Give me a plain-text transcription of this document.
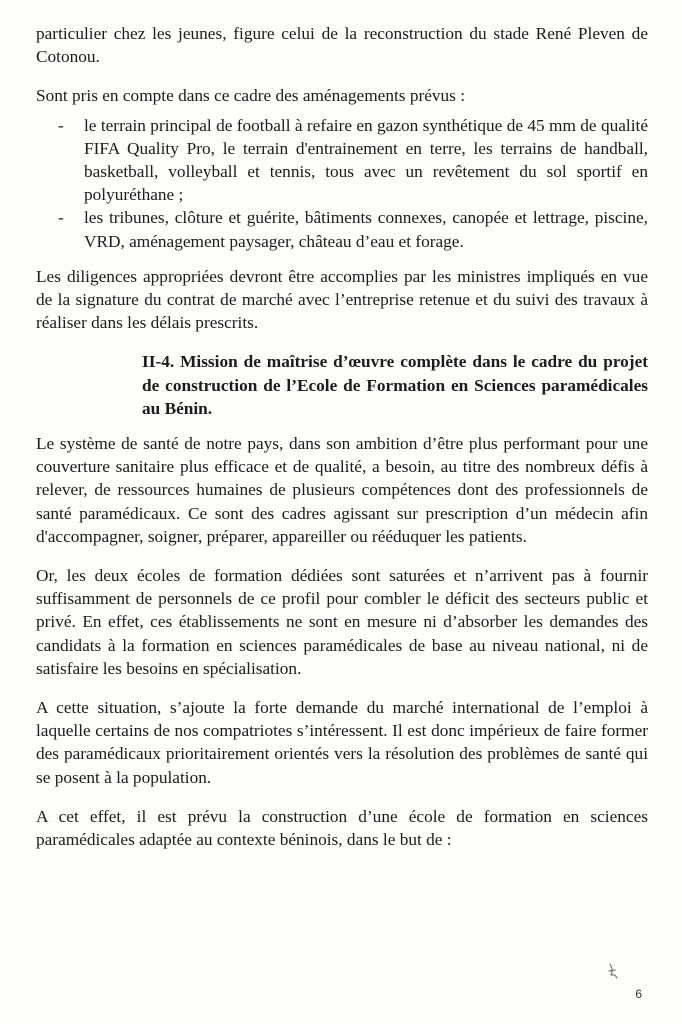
particulier chez les jeunes, figure celui de la reconstruction du stade René Pleven de Cotonou.

Sont pris en compte dans ce cadre des aménagements prévus :

- le terrain principal de football à refaire en gazon synthétique de 45 mm de qualité FIFA Quality Pro, le terrain d'entrainement en terre, les terrains de handball, basketball, volleyball et tennis, tous avec un revêtement du sol sportif en polyuréthane ;
- les tribunes, clôture et guérite, bâtiments connexes, canopée et lettrage, piscine, VRD, aménagement paysager, château d’eau et forage.

Les diligences appropriées devront être accomplies par les ministres impliqués en vue de la signature du contrat de marché avec l’entreprise retenue et du suivi des travaux à réaliser dans les délais prescrits.

II-4. Mission de maîtrise d’œuvre complète dans le cadre du projet de construction de l’Ecole de Formation en Sciences paramédicales au Bénin.

Le système de santé de notre pays, dans son ambition d’être plus performant pour une couverture sanitaire plus efficace et de qualité, a besoin, au titre des nombreux défis à relever, de ressources humaines de plusieurs compétences dont des professionnels de santé paramédicaux. Ce sont des cadres agissant sur prescription d’un médecin afin d'accompagner, soigner, préparer, appareiller ou rééduquer les patients.

Or, les deux écoles de formation dédiées sont saturées et n’arrivent pas à fournir suffisamment de personnels de ce profil pour combler le déficit des secteurs public et privé. En effet, ces établissements ne sont en mesure ni d’absorber les demandes des candidats à la formation en sciences paramédicales de base au niveau national, ni de satisfaire les besoins en spécialisation.

A cette situation, s’ajoute la forte demande du marché international de l’emploi à laquelle certains de nos compatriotes s’intéressent. Il est donc impérieux de faire former des paramédicaux prioritairement orientés vers la résolution des problèmes de santé qui se posent à la population.

A cet effet, il est prévu la construction d’une école de formation en sciences paramédicales adaptée au contexte béninois, dans le but de :

6
